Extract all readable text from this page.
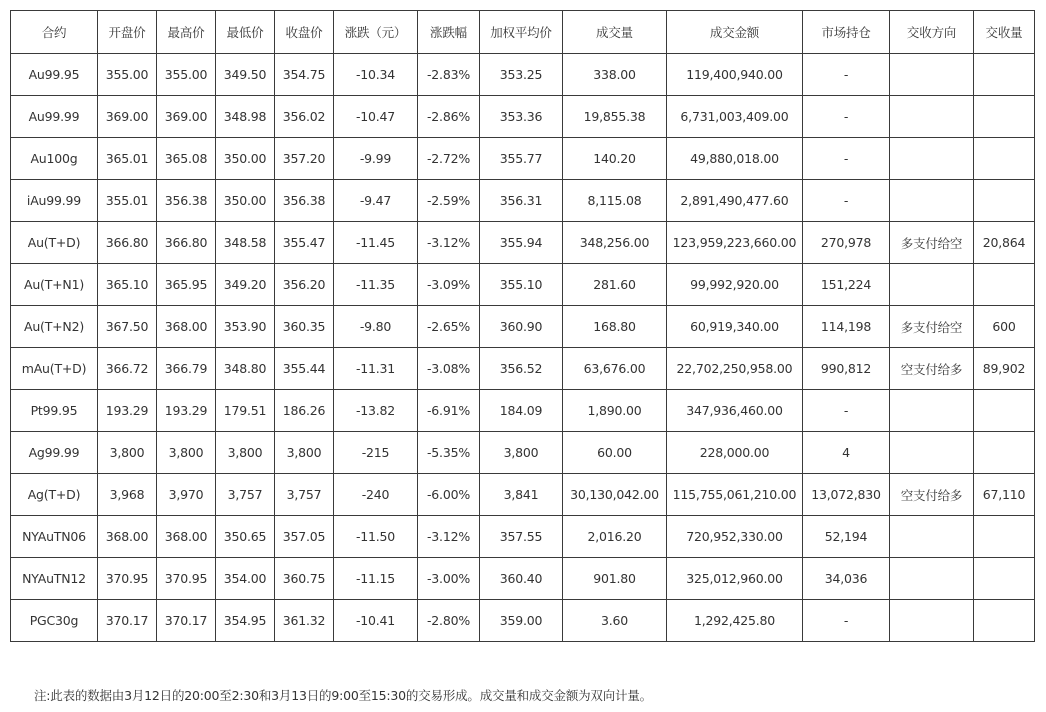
合约	开盘价	最高价	最低价	收盘价	涨跌（元）	涨跌幅	加权平均价	成交量	成交金额	市场持仓	交收方向	交收量
Au99.95	355.00	355.00	349.50	354.75	-10.34	-2.83%	353.25	338.00	119,400,940.00	-		
Au99.99	369.00	369.00	348.98	356.02	-10.47	-2.86%	353.36	19,855.38	6,731,003,409.00	-		
Au100g	365.01	365.08	350.00	357.20	-9.99	-2.72%	355.77	140.20	49,880,018.00	-		
iAu99.99	355.01	356.38	350.00	356.38	-9.47	-2.59%	356.31	8,115.08	2,891,490,477.60	-		
Au(T+D)	366.80	366.80	348.58	355.47	-11.45	-3.12%	355.94	348,256.00	123,959,223,660.00	270,978	多支付给空	20,864
Au(T+N1)	365.10	365.95	349.20	356.20	-11.35	-3.09%	355.10	281.60	99,992,920.00	151,224		
Au(T+N2)	367.50	368.00	353.90	360.35	-9.80	-2.65%	360.90	168.80	60,919,340.00	114,198	多支付给空	600
mAu(T+D)	366.72	366.79	348.80	355.44	-11.31	-3.08%	356.52	63,676.00	22,702,250,958.00	990,812	空支付给多	89,902
Pt99.95	193.29	193.29	179.51	186.26	-13.82	-6.91%	184.09	1,890.00	347,936,460.00	-		
Ag99.99	3,800	3,800	3,800	3,800	-215	-5.35%	3,800	60.00	228,000.00	4		
Ag(T+D)	3,968	3,970	3,757	3,757	-240	-6.00%	3,841	30,130,042.00	115,755,061,210.00	13,072,830	空支付给多	67,110
NYAuTN06	368.00	368.00	350.65	357.05	-11.50	-3.12%	357.55	2,016.20	720,952,330.00	52,194		
NYAuTN12	370.95	370.95	354.00	360.75	-11.15	-3.00%	360.40	901.80	325,012,960.00	34,036		
PGC30g	370.17	370.17	354.95	361.32	-10.41	-2.80%	359.00	3.60	1,292,425.80	-		
注:此表的数据由3月12日的20:00至2:30和3月13日的9:00至15:30的交易形成。成交量和成交金额为双向计量。
